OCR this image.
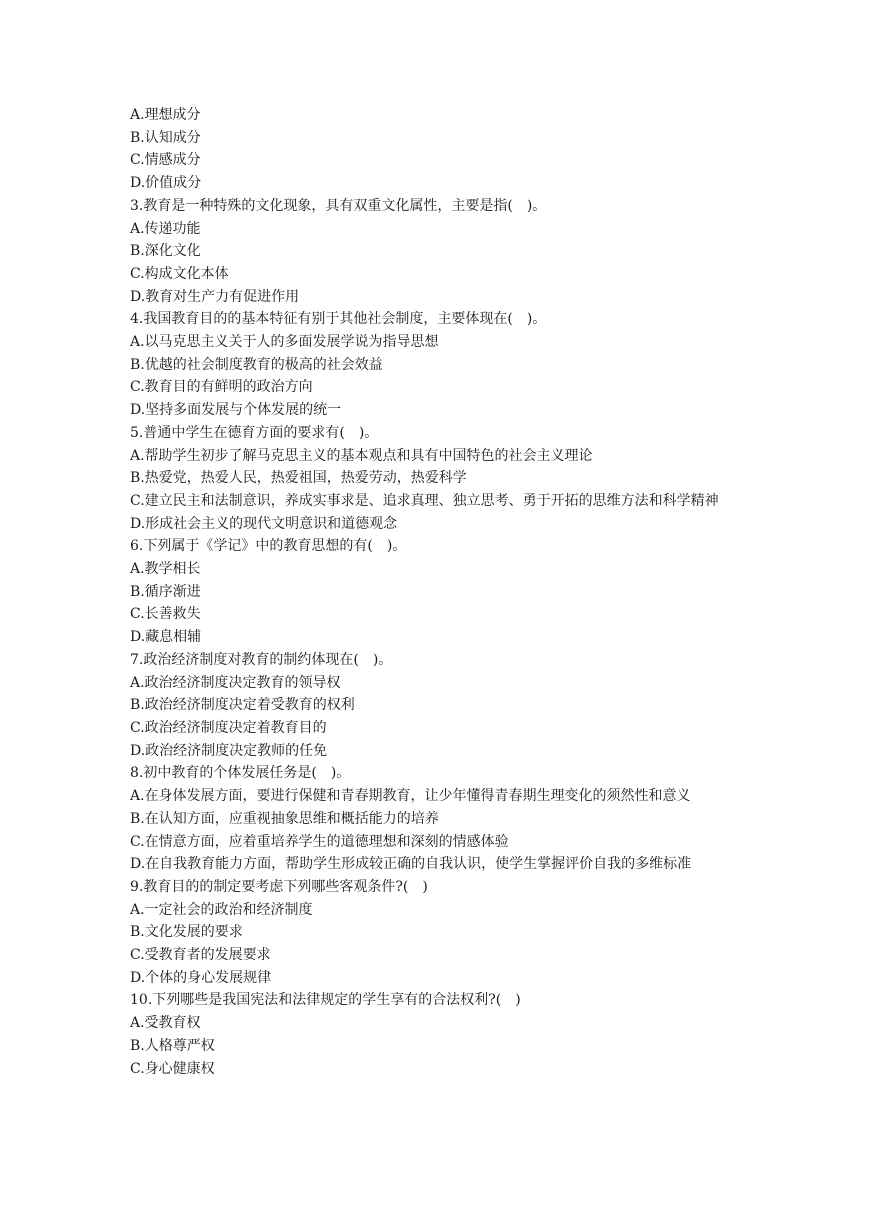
A.理想成分

B.认知成分

C.情感成分

D.价值成分

3.教育是一种特殊的文化现象，具有双重文化属性，主要是指(　)。

A.传递功能

B.深化文化

C.构成文化本体

D.教育对生产力有促进作用

4.我国教育目的的基本特征有别于其他社会制度，主要体现在(　)。

A.以马克思主义关于人的多面发展学说为指导思想

B.优越的社会制度教育的极高的社会效益

C.教育目的有鲜明的政治方向

D.坚持多面发展与个体发展的统一

5.普通中学生在德育方面的要求有(　)。

A.帮助学生初步了解马克思主义的基本观点和具有中国特色的社会主义理论

B.热爱党，热爱人民，热爱祖国，热爱劳动，热爱科学

C.建立民主和法制意识，养成实事求是、追求真理、独立思考、勇于开拓的思维方法和科学精神

D.形成社会主义的现代文明意识和道德观念

6.下列属于《学记》中的教育思想的有(　)。

A.教学相长

B.循序渐进

C.长善救失

D.藏息相辅

7.政治经济制度对教育的制约体现在(　)。

A.政治经济制度决定教育的领导权

B.政治经济制度决定着受教育的权利

C.政治经济制度决定着教育目的

D.政治经济制度决定教师的任免

8.初中教育的个体发展任务是(　)。

A.在身体发展方面，要进行保健和青春期教育，让少年懂得青春期生理变化的须然性和意义

B.在认知方面，应重视抽象思维和概括能力的培养

C.在情意方面，应着重培养学生的道德理想和深刻的情感体验

D.在自我教育能力方面，帮助学生形成较正确的自我认识，使学生掌握评价自我的多维标准

9.教育目的的制定要考虑下列哪些客观条件?(　)

A.一定社会的政治和经济制度

B.文化发展的要求

C.受教育者的发展要求

D.个体的身心发展规律

10.下列哪些是我国宪法和法律规定的学生享有的合法权利?(　)

A.受教育权

B.人格尊严权

C.身心健康权
